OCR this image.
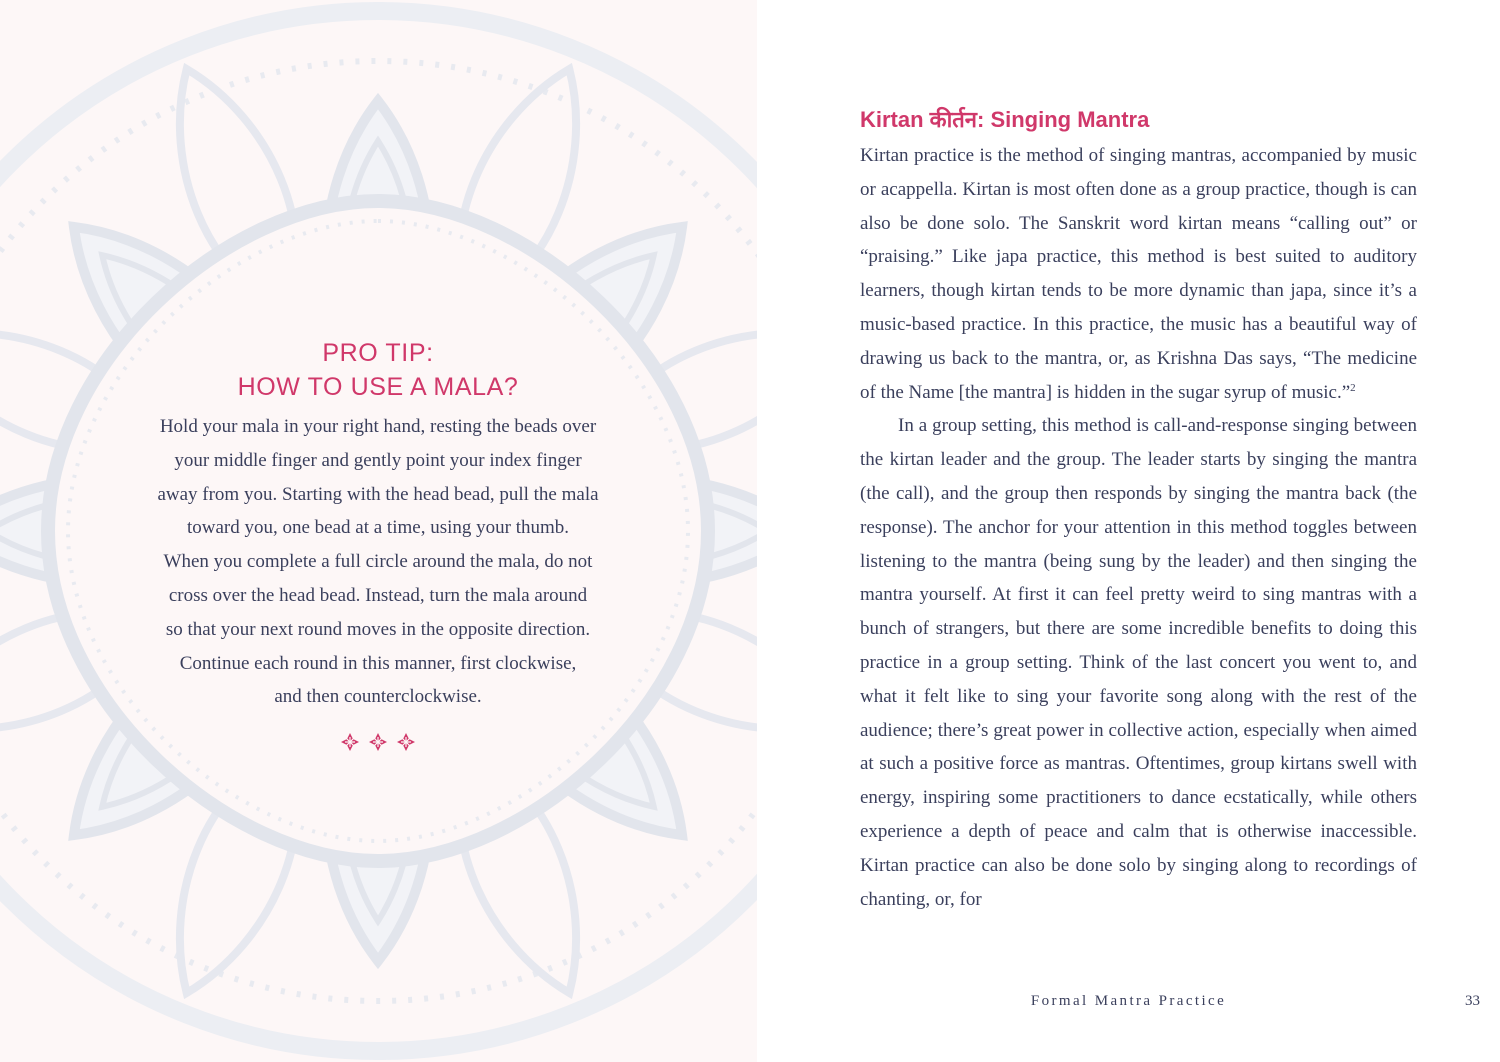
PRO TIP:
HOW TO USE A MALA?

Hold your mala in your right hand, resting the beads over
your middle finger and gently point your index finger
away from you. Starting with the head bead, pull the mala
toward you, one bead at a time, using your thumb.
When you complete a full circle around the mala, do not
cross over the head bead. Instead, turn the mala around
so that your next round moves in the opposite direction.
Continue each round in this manner, first clockwise,
and then counterclockwise.

Kirtan कीर्तन: Singing Mantra

Kirtan practice is the method of singing mantras, accompanied by music or acappella. Kirtan is most often done as a group practice, though is can also be done solo. The Sanskrit word kirtan means “calling out” or “praising.” Like japa practice, this method is best suited to auditory learners, though kirtan tends to be more dynamic than japa, since it’s a music-based practice. In this practice, the music has a beautiful way of drawing us back to the mantra, or, as Krishna Das says, “The medicine of the Name [the mantra] is hidden in the sugar syrup of music.”$^2$

In a group setting, this method is call-and-response singing between the kirtan leader and the group. The leader starts by singing the mantra (the call), and the group then responds by singing the mantra back (the response). The anchor for your attention in this method toggles between listening to the mantra (being sung by the leader) and then singing the mantra yourself. At first it can feel pretty weird to sing mantras with a bunch of strangers, but there are some incredible benefits to doing this practice in a group setting. Think of the last concert you went to, and what it felt like to sing your favorite song along with the rest of the audience; there’s great power in collective action, especially when aimed at such a positive force as mantras. Oftentimes, group kirtans swell with energy, inspiring some practitioners to dance ecstatically, while others experience a depth of peace and calm that is otherwise inaccessible. Kirtan practice can also be done solo by singing along to recordings of chanting, or, for

Formal Mantra Practice	33
